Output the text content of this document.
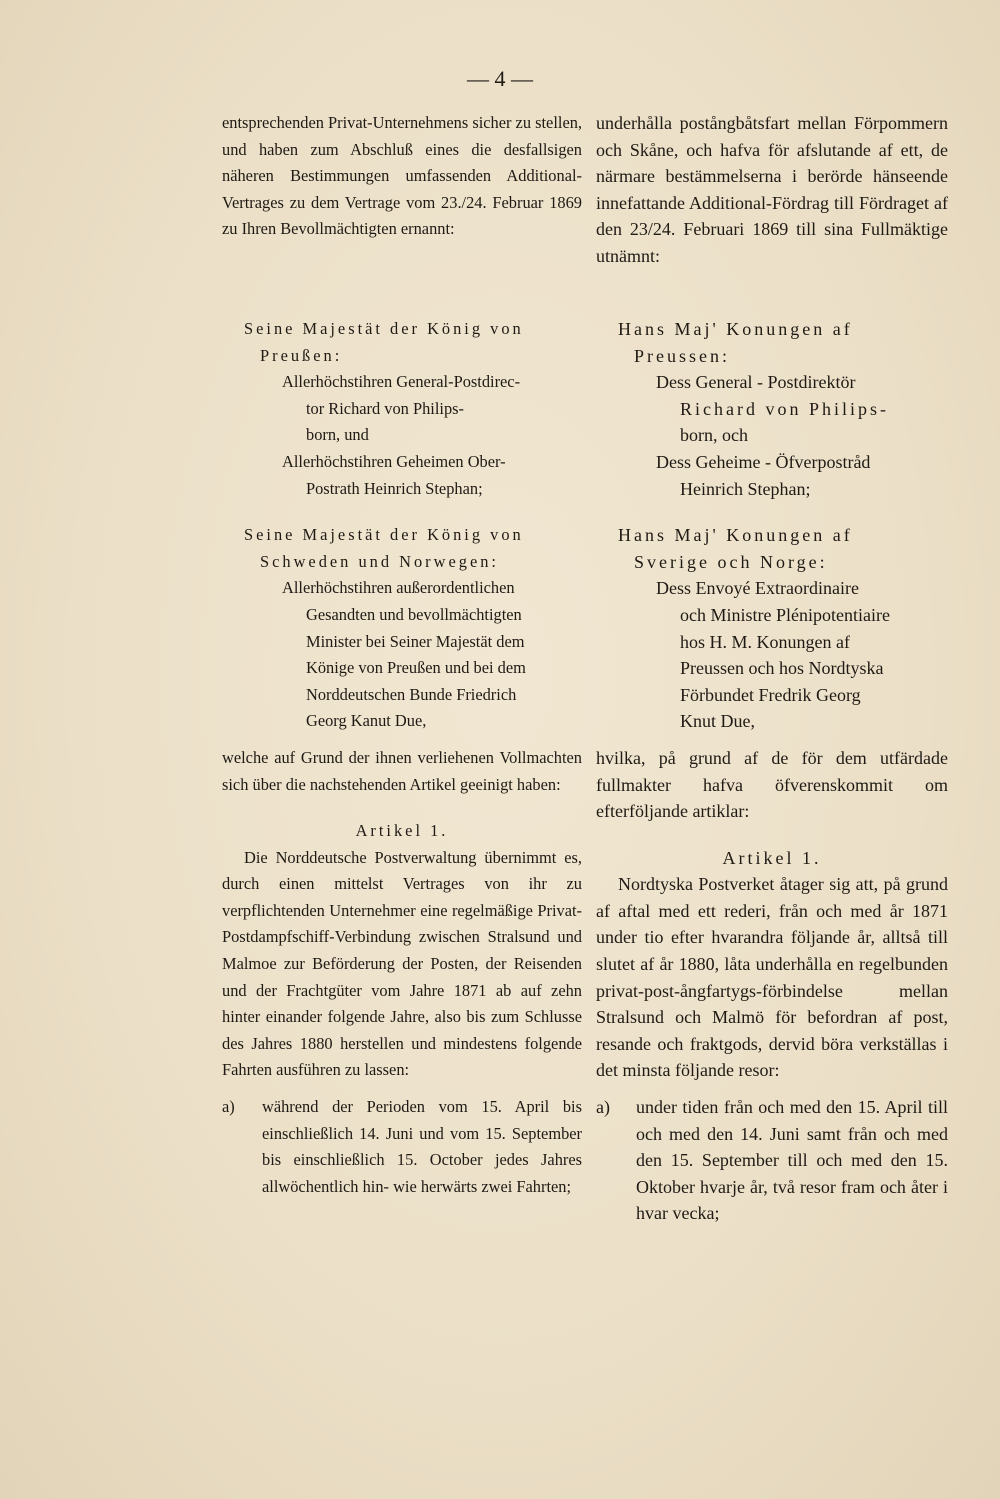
— 4 —

entsprechenden Privat-Unternehmens sicher zu stellen, und haben zum Abschluß eines die desfallsigen näheren Bestimmungen umfassenden Additional-Vertrages zu dem Vertrage vom 23./24. Februar 1869 zu Ihren Bevollmächtigten ernannt:

Seine Majestät der König von

Preußen:

Allerhöchstihren General-Postdirec-

tor Richard von Philips-

born, und

Allerhöchstihren Geheimen Ober-

Postrath Heinrich Stephan;

Seine Majestät der König von

Schweden und Norwegen:

Allerhöchstihren außerordentlichen

Gesandten und bevollmächtigten

Minister bei Seiner Majestät dem

Könige von Preußen und bei dem

Norddeutschen Bunde Friedrich

Georg Kanut Due,

welche auf Grund der ihnen verliehenen Vollmachten sich über die nachstehenden Artikel geeinigt haben:

Artikel 1.

Die Norddeutsche Postverwaltung übernimmt es, durch einen mittelst Vertrages von ihr zu verpflichtenden Unternehmer eine regelmäßige Privat-Postdampfschiff-Verbindung zwischen Stralsund und Malmoe zur Beförderung der Posten, der Reisenden und der Frachtgüter vom Jahre 1871 ab auf zehn hinter einander folgende Jahre, also bis zum Schlusse des Jahres 1880 herstellen und mindestens folgende Fahrten ausführen zu lassen:

a)	während der Perioden vom 15. April bis einschließlich 14. Juni und vom 15. September bis einschließlich 15. October jedes Jahres allwöchentlich hin- wie herwärts zwei Fahrten;

underhålla postångbåtsfart mellan Förpommern och Skåne, och hafva för afslutande af ett, de närmare bestämmelserna i berörde hänseende innefattande Additional-Fördrag till Fördraget af den 23/24. Februari 1869 till sina Fullmäktige utnämnt:

Hans Maj' Konungen af

Preussen:

Dess General - Postdirektör

Richard von Philips-

born, och

Dess Geheime - Öfverpostråd

Heinrich Stephan;

Hans Maj' Konungen af

Sverige och Norge:

Dess Envoyé Extraordinaire

och Ministre Plénipotentiaire

hos H. M. Konungen af

Preussen och hos Nordtyska

Förbundet Fredrik Georg

Knut Due,

hvilka, på grund af de för dem utfärdade fullmakter hafva öfverenskommit om efterföljande artiklar:

Artikel 1.

Nordtyska Postverket åtager sig att, på grund af aftal med ett rederi, från och med år 1871 under tio efter hvarandra följande år, alltså till slutet af år 1880, låta underhålla en regelbunden privat-post-ångfartygs-förbindelse mellan Stralsund och Malmö för befordran af post, resande och fraktgods, dervid böra verkställas i det minsta följande resor:

a)	under tiden från och med den 15. April till och med den 14. Juni samt från och med den 15. September till och med den 15. Oktober hvarje år, två resor fram och åter i hvar vecka;
